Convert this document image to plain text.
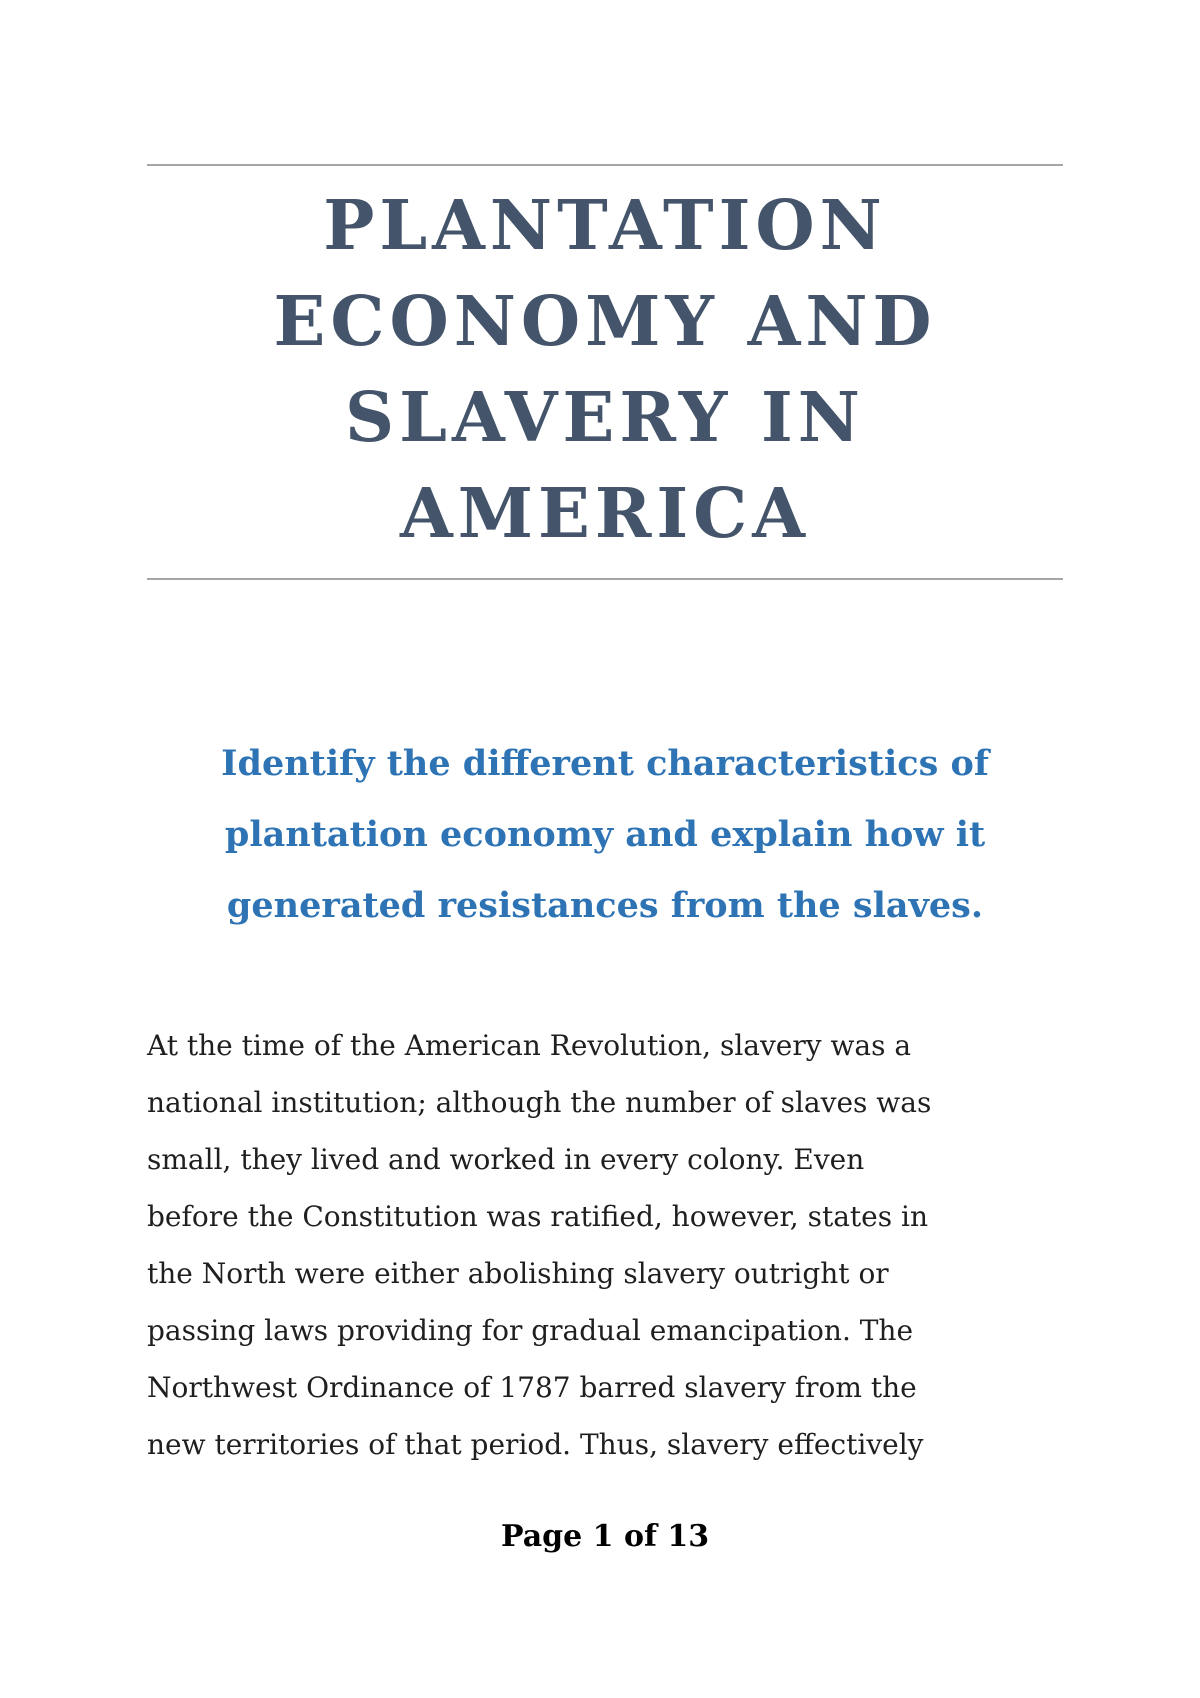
PLANTATION
ECONOMY AND
SLAVERY IN
AMERICA
Identify the different characteristics of
plantation economy and explain how it
generated resistances from the slaves.

At the time of the American Revolution, slavery was a
national institution; although the number of slaves was
small, they lived and worked in every colony. Even
before the Constitution was ratified, however, states in
the North were either abolishing slavery outright or
passing laws providing for gradual emancipation. The
Northwest Ordinance of 1787 barred slavery from the
new territories of that period. Thus, slavery effectively

Page 1 of 13
